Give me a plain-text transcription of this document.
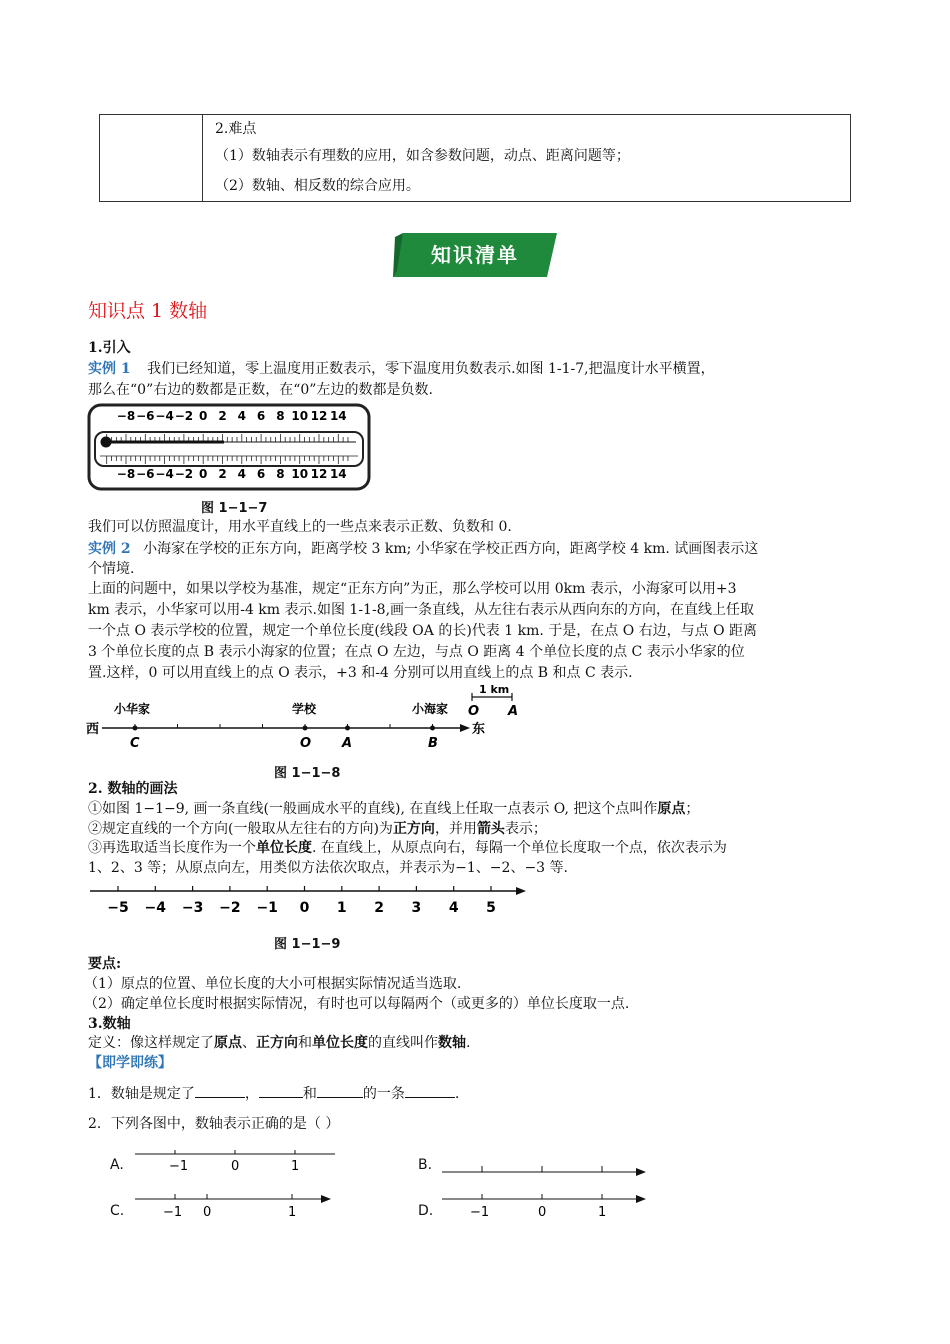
2.难点
（1）数轴表示有理数的应用，如含参数问题，动点、距离问题等；
（2）数轴、相反数的综合应用。
知识清单
知识点 1 数轴
1.引入
实例 1 我们已经知道，零上温度用正数表示，零下温度用负数表示.如图 1-1-7,把温度计水平横置，
那么在“0”右边的数都是正数，在“0”左边的数都是负数.
−8 −6 −4 −2 0 2 4 6 8 10 12 14
−8 −6 −4 −2 0 2 4 6 8 10 12 14
图 1−1−7
我们可以仿照温度计，用水平直线上的一些点来表示正数、负数和 0.
实例 2 小海家在学校的正东方向，距离学校 3 km; 小华家在学校正西方向，距离学校 4 km. 试画图表示这
个情境.
上面的问题中，如果以学校为基准，规定“正东方向”为正，那么学校可以用 0km 表示，小海家可以用+3
km 表示，小华家可以用-4 km 表示.如图 1-1-8,画一条直线，从左往右表示从西向东的方向，在直线上任取
一个点 O 表示学校的位置，规定一个单位长度(线段 OA 的长)代表 1 km. 于是，在点 O 右边，与点 O 距离
3 个单位长度的点 B 表示小海家的位置；在点 O 左边，与点 O 距离 4 个单位长度的点 C 表示小华家的位
置.这样，0 可以用直线上的点 O 表示，+3 和-4 分别可以用直线上的点 B 和点 C 表示.
西	东
小华家	学校	小海家
C	O A	B
1 km
O A
图 1−1−8
2. 数轴的画法
①如图 1−1−9, 画一条直线(一般画成水平的直线), 在直线上任取一点表示 O, 把这个点叫作原点；
②规定直线的一个方向(一般取从左往右的方向)为正方向，并用箭头表示；
③再选取适当长度作为一个单位长度. 在直线上，从原点向右，每隔一个单位长度取一个点，依次表示为
1、2、3 等；从原点向左，用类似方法依次取点，并表示为−1、−2、−3 等.
−5 −4 −3 −2 −1 0 1 2 3 4 5
图 1−1−9
要点:
（1）原点的位置、单位长度的大小可根据实际情况适当选取.
（2）确定单位长度时根据实际情况，有时也可以每隔两个（或更多的）单位长度取一点.
3.数轴
定义：像这样规定了原点、正方向和单位长度的直线叫作数轴.
【即学即练】
1．数轴是规定了	，	和	的一条	.
2．下列各图中，数轴表示正确的是（ ）
A.	−1	0	1	B.
C.	−1 0	1	D.	−1	0	1
